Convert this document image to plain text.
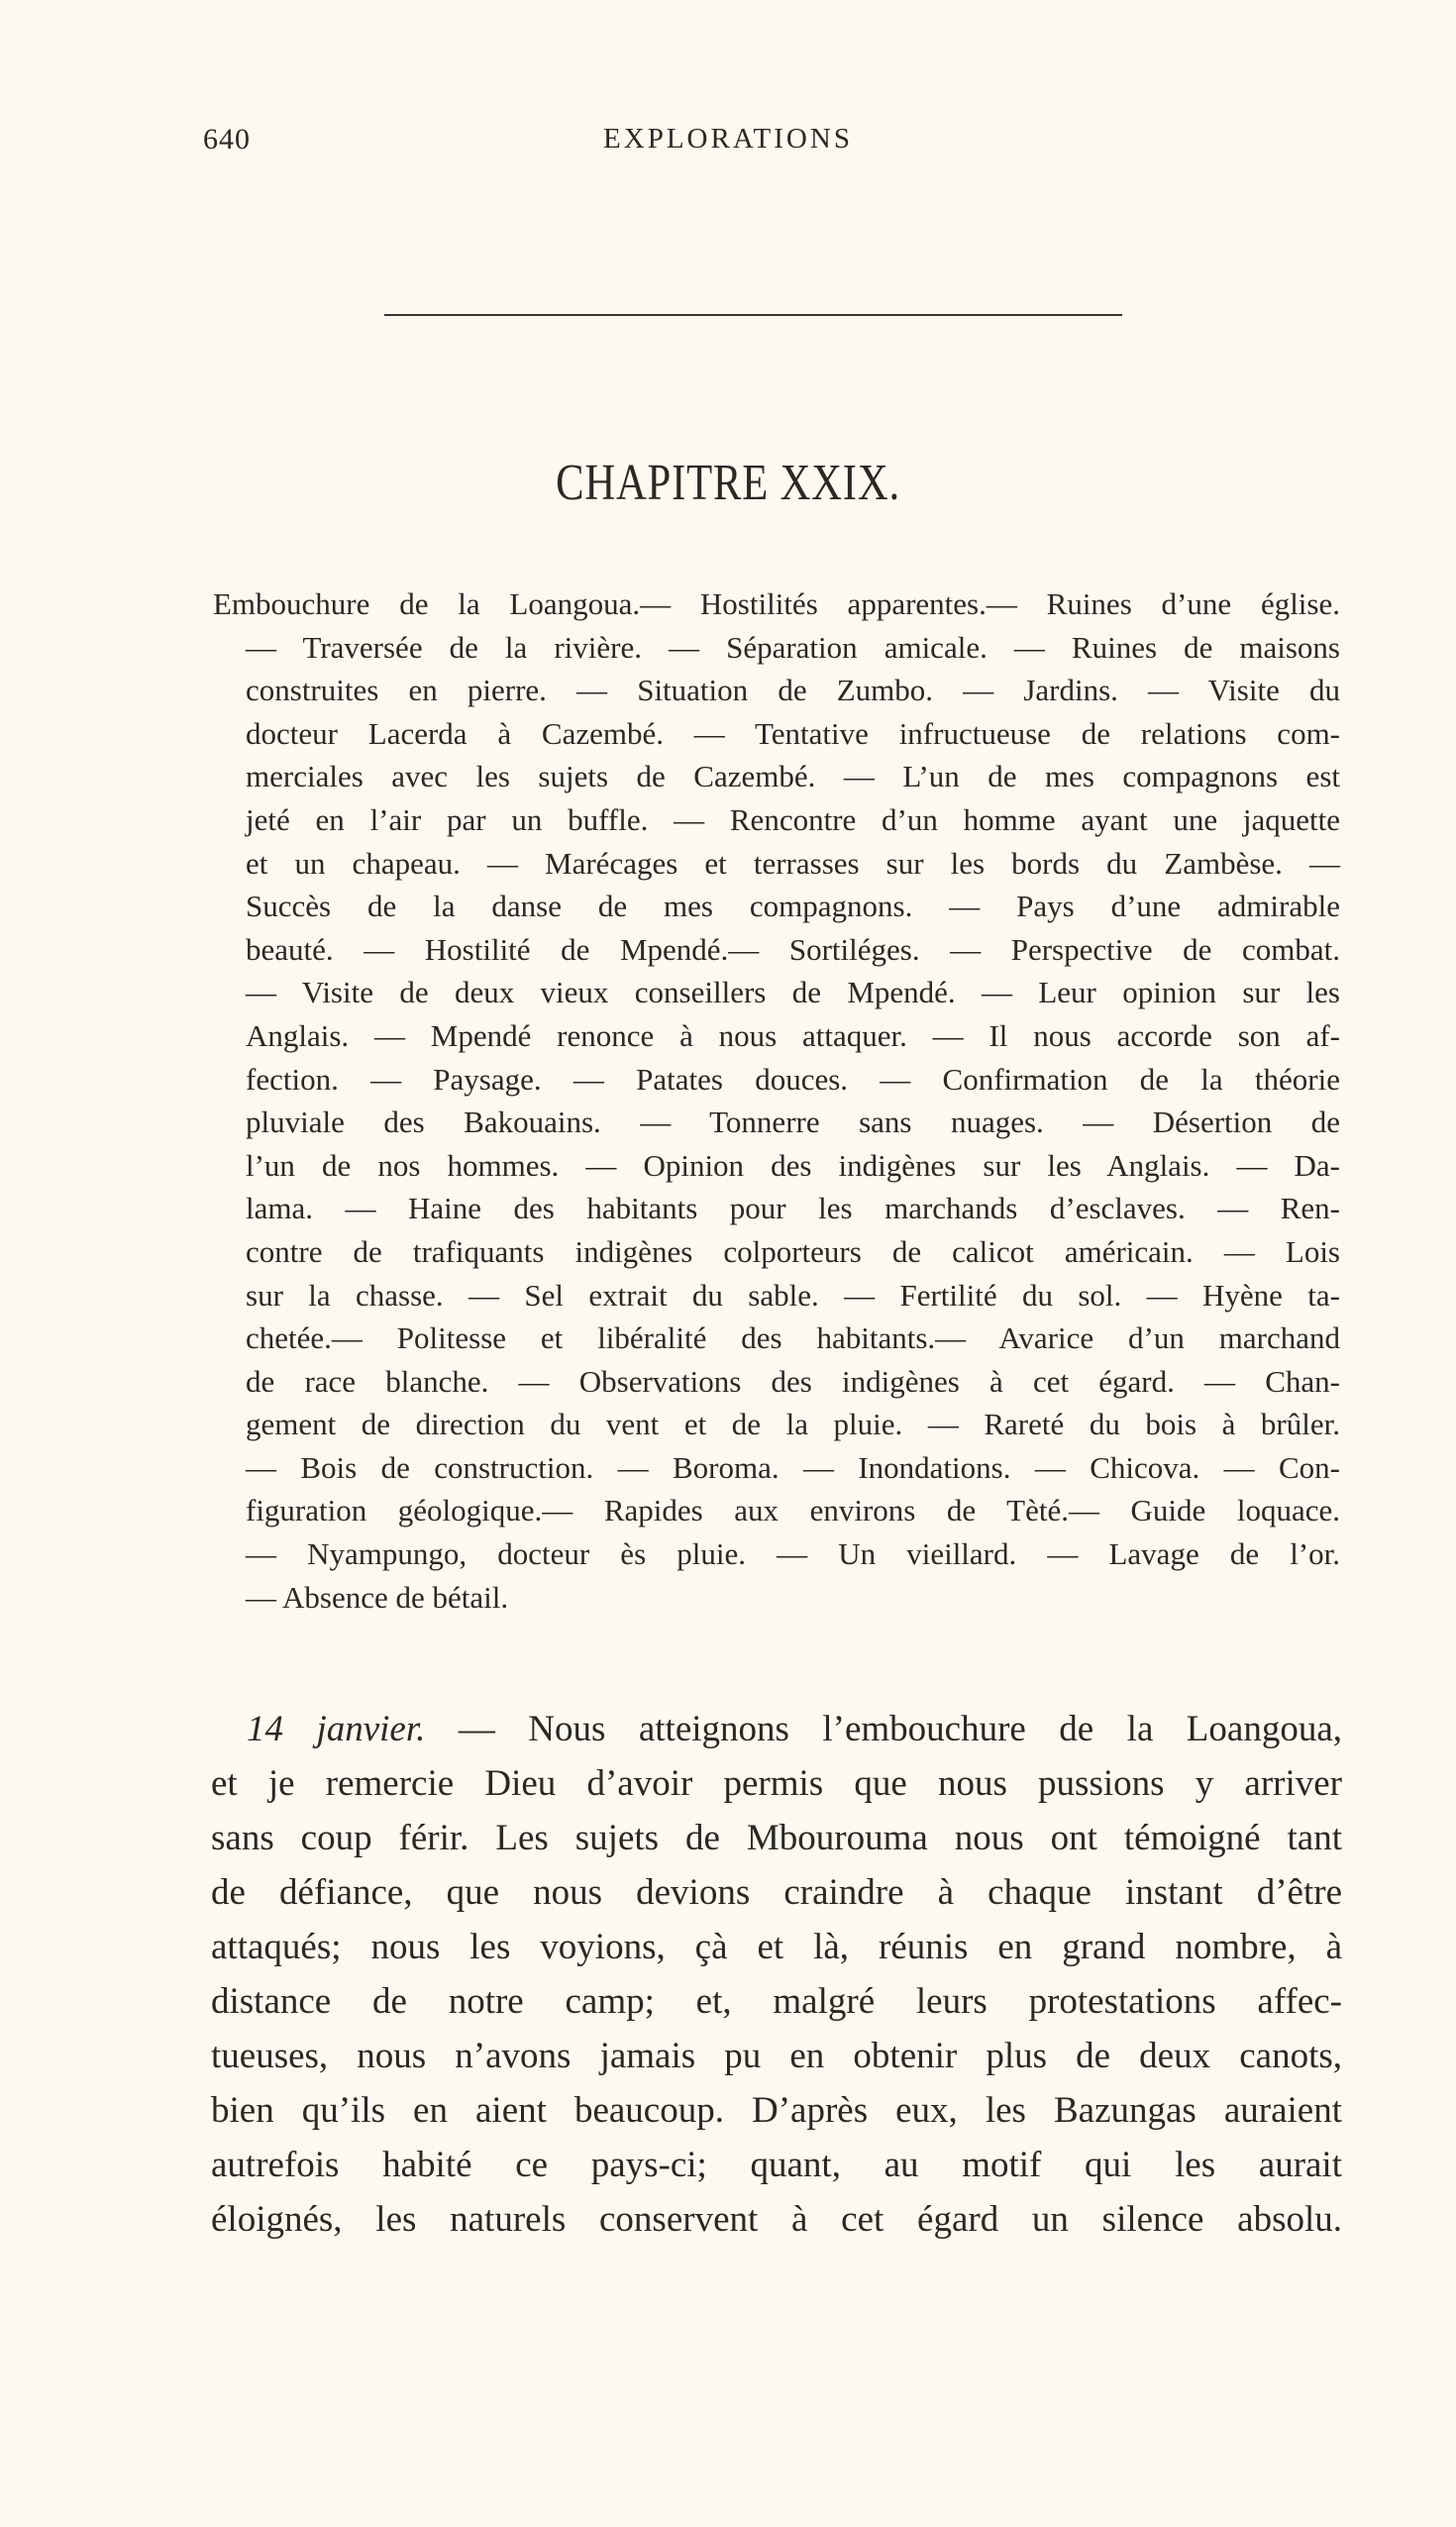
640	EXPLORATIONS
CHAPITRE XXIX.
Embouchure de la Loangoua.— Hostilités apparentes.— Ruines d’une église.
— Traversée de la rivière. — Séparation amicale. — Ruines de maisons
construites en pierre. — Situation de Zumbo. — Jardins. — Visite du
docteur Lacerda à Cazembé. — Tentative infructueuse de relations com-
merciales avec les sujets de Cazembé. — L’un de mes compagnons est
jeté en l’air par un buffle. — Rencontre d’un homme ayant une jaquette
et un chapeau. — Marécages et terrasses sur les bords du Zambèse. —
Succès de la danse de mes compagnons. — Pays d’une admirable
beauté. — Hostilité de Mpendé.— Sortiléges. — Perspective de combat.
— Visite de deux vieux conseillers de Mpendé. — Leur opinion sur les
Anglais. — Mpendé renonce à nous attaquer. — Il nous accorde son af-
fection. — Paysage. — Patates douces. — Confirmation de la théorie
pluviale des Bakouains. — Tonnerre sans nuages. — Désertion de
l’un de nos hommes. — Opinion des indigènes sur les Anglais. — Da-
lama. — Haine des habitants pour les marchands d’esclaves. — Ren-
contre de trafiquants indigènes colporteurs de calicot américain. — Lois
sur la chasse. — Sel extrait du sable. — Fertilité du sol. — Hyène ta-
chetée.— Politesse et libéralité des habitants.— Avarice d’un marchand
de race blanche. — Observations des indigènes à cet égard. — Chan-
gement de direction du vent et de la pluie. — Rareté du bois à brûler.
— Bois de construction. — Boroma. — Inondations. — Chicova. — Con-
figuration géologique.— Rapides aux environs de Tèté.— Guide loquace.
— Nyampungo, docteur ès pluie. — Un vieillard. — Lavage de l’or.
— Absence de bétail.
14 janvier. — Nous atteignons l’embouchure de la Loangoua,
et je remercie Dieu d’avoir permis que nous pussions y arriver
sans coup férir. Les sujets de Mbourouma nous ont témoigné tant
de défiance, que nous devions craindre à chaque instant d’être
attaqués; nous les voyions, çà et là, réunis en grand nombre, à
distance de notre camp; et, malgré leurs protestations affec-
tueuses, nous n’avons jamais pu en obtenir plus de deux canots,
bien qu’ils en aient beaucoup. D’après eux, les Bazungas auraient
autrefois habité ce pays-ci; quant, au motif qui les aurait
éloignés, les naturels conservent à cet égard un silence absolu.
